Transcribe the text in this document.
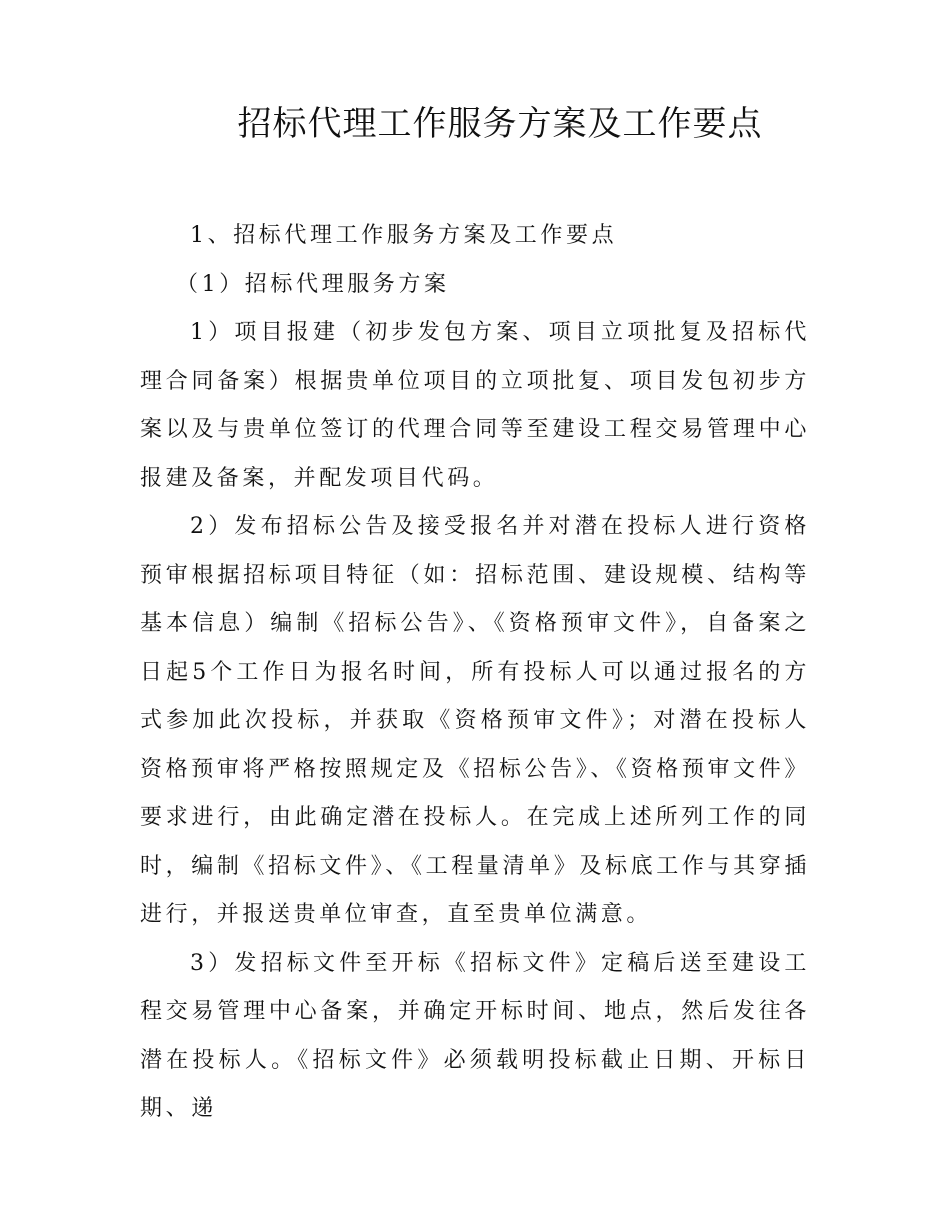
招标代理工作服务方案及工作要点

1、招标代理工作服务方案及工作要点

（1）招标代理服务方案

1）项目报建（初步发包方案、项目立项批复及招标代理合同备案）根据贵单位项目的立项批复、项目发包初步方案以及与贵单位签订的代理合同等至建设工程交易管理中心报建及备案，并配发项目代码。

2）发布招标公告及接受报名并对潜在投标人进行资格预审根据招标项目特征（如：招标范围、建设规模、结构等基本信息）编制《招标公告》、《资格预审文件》，自备案之日起5个工作日为报名时间，所有投标人可以通过报名的方式参加此次投标，并获取《资格预审文件》；对潜在投标人资格预审将严格按照规定及《招标公告》、《资格预审文件》要求进行，由此确定潜在投标人。在完成上述所列工作的同时，编制《招标文件》、《工程量清单》及标底工作与其穿插进行，并报送贵单位审查，直至贵单位满意。

3）发招标文件至开标《招标文件》定稿后送至建设工程交易管理中心备案，并确定开标时间、地点，然后发往各潜在投标人。《招标文件》必须载明投标截止日期、开标日期、递
